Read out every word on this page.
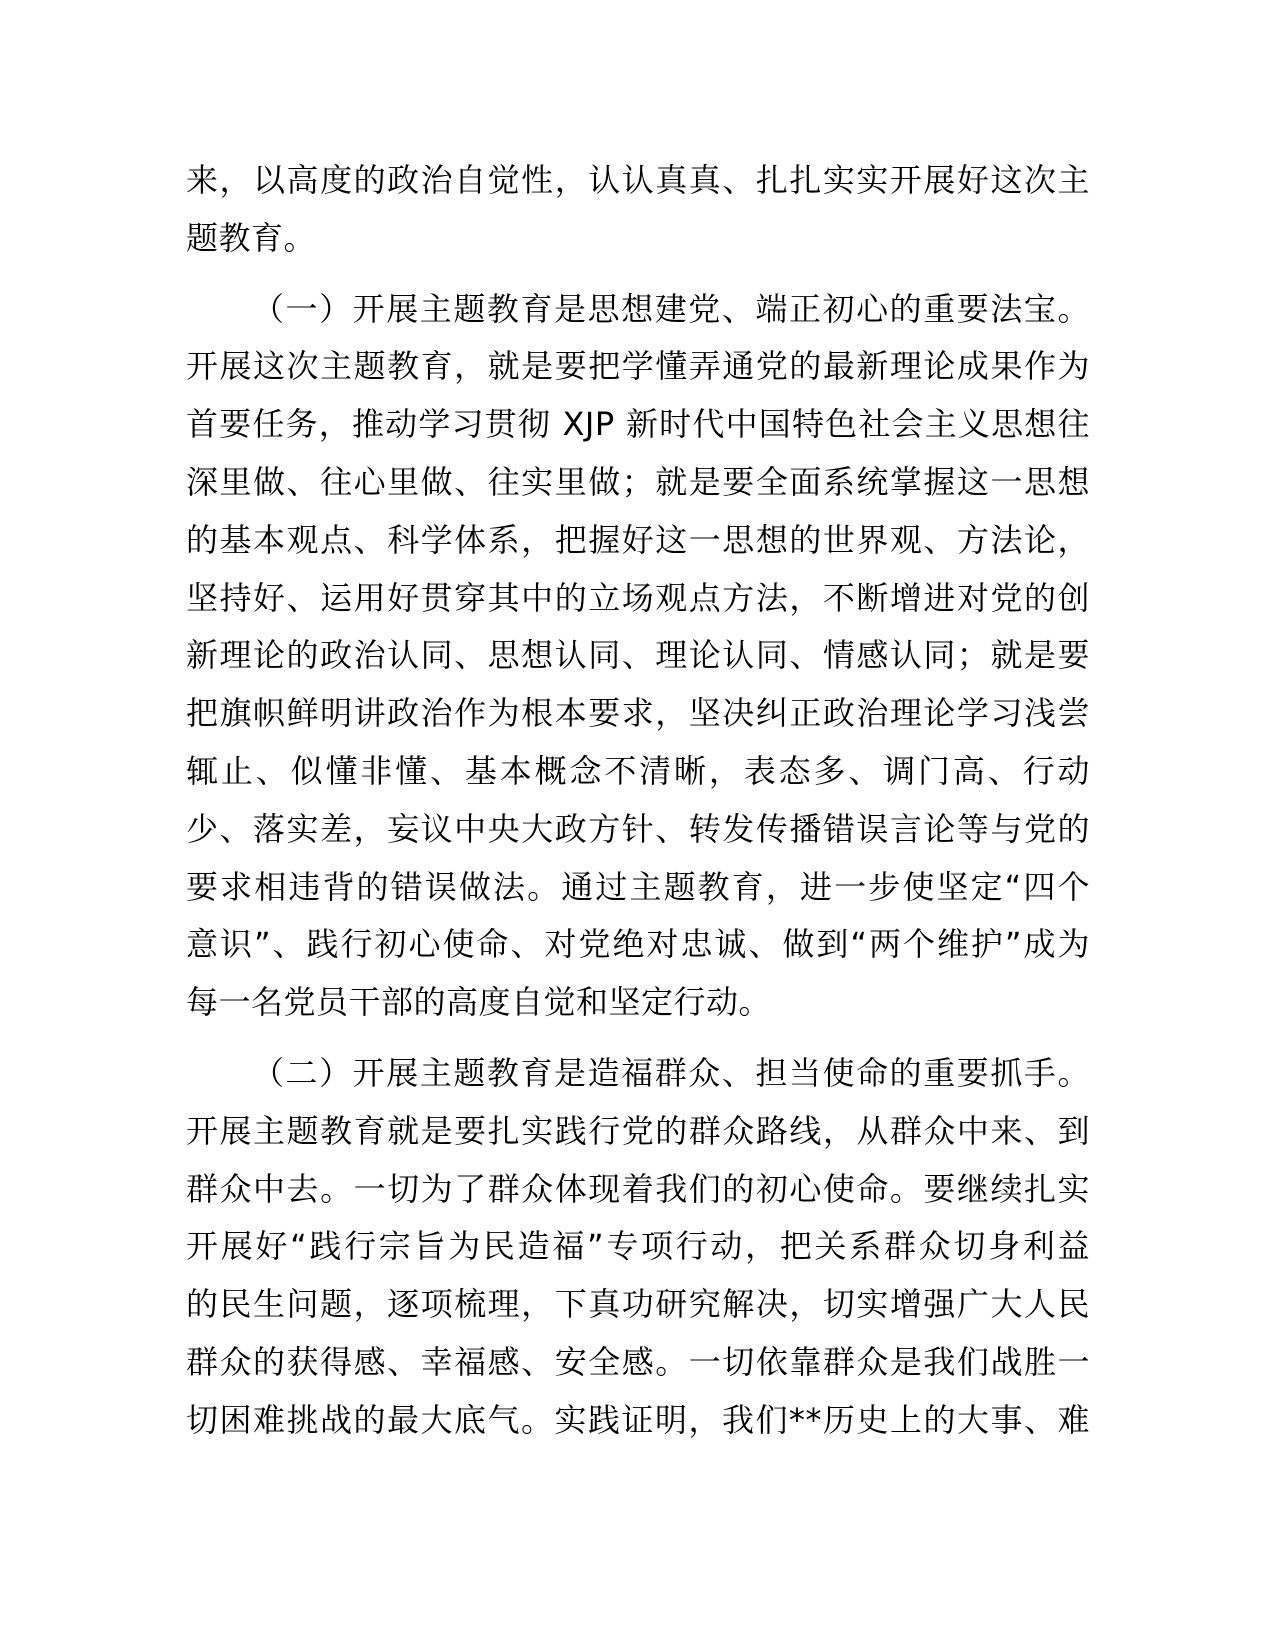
来，以高度的政治自觉性，认认真真、扎扎实实开展好这次主
题教育。
（一）开展主题教育是思想建党、端正初心的重要法宝。
开展这次主题教育，就是要把学懂弄通党的最新理论成果作为
首要任务，推动学习贯彻 XJP 新时代中国特色社会主义思想往
深里做、往心里做、往实里做；就是要全面系统掌握这一思想
的基本观点、科学体系，把握好这一思想的世界观、方法论，
坚持好、运用好贯穿其中的立场观点方法，不断增进对党的创
新理论的政治认同、思想认同、理论认同、情感认同；就是要
把旗帜鲜明讲政治作为根本要求，坚决纠正政治理论学习浅尝
辄止、似懂非懂、基本概念不清晰，表态多、调门高、行动
少、落实差，妄议中央大政方针、转发传播错误言论等与党的
要求相违背的错误做法。通过主题教育，进一步使坚定“四个
意识”、践行初心使命、对党绝对忠诚、做到“两个维护”成为
每一名党员干部的高度自觉和坚定行动。
（二）开展主题教育是造福群众、担当使命的重要抓手。
开展主题教育就是要扎实践行党的群众路线，从群众中来、到
群众中去。一切为了群众体现着我们的初心使命。要继续扎实
开展好“践行宗旨为民造福”专项行动，把关系群众切身利益
的民生问题，逐项梳理，下真功研究解决，切实增强广大人民
群众的获得感、幸福感、安全感。一切依靠群众是我们战胜一
切困难挑战的最大底气。实践证明，我们**历史上的大事、难
